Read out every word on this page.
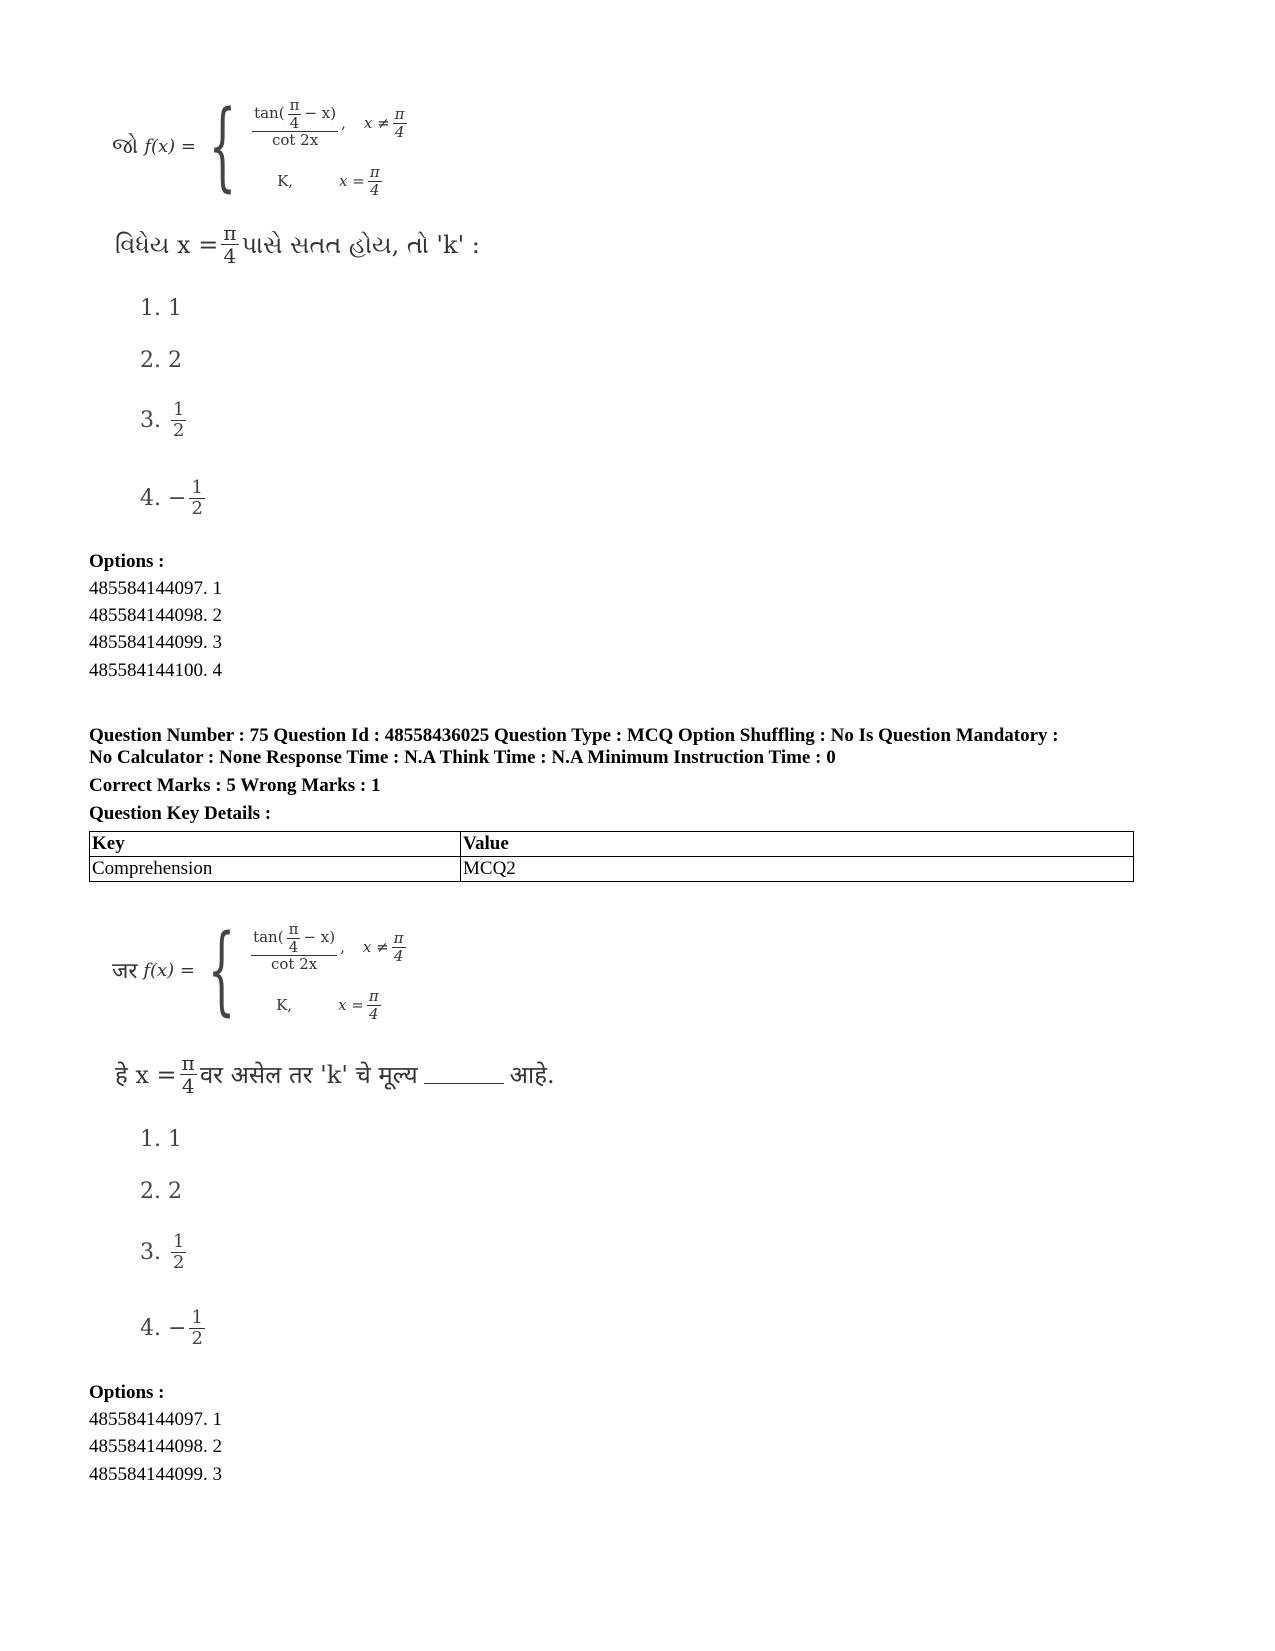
જો f(x) = { $\frac{\tan( \frac{\pi}{4} - x)}{\cot 2x}$ , $x \ne \frac{\pi}{4}$
K,	$x = \frac{\pi}{4}$
વિધેય $x = \frac{\pi}{4}$ પાસે સતત હોય, તો 'k' :
1.
1
2.
2
3.
$\frac{1}{2}$
4.
− $\frac{1}{2}$
Options :
485584144097. 1
485584144098. 2
485584144099. 3
485584144100. 4
Question Number : 75 Question Id : 48558436025 Question Type : MCQ Option Shuffling : No Is Question Mandatory :
No Calculator : None Response Time : N.A Think Time : N.A Minimum Instruction Time : 0
Correct Marks : 5 Wrong Marks : 1
Question Key Details :
Key	Value
Comprehension	MCQ2
जर f(x) = { $\frac{\tan( \frac{\pi}{4} - x)}{\cot 2x}$ , $x \ne \frac{\pi}{4}$
K,	$x = \frac{\pi}{4}$
हे $x = \frac{\pi}{4}$ वर असेल तर 'k' चे मूल्य	आहे.
1.
1
2.
2
3.
$\frac{1}{2}$
4.
− $\frac{1}{2}$
Options :
485584144097. 1
485584144098. 2
485584144099. 3
